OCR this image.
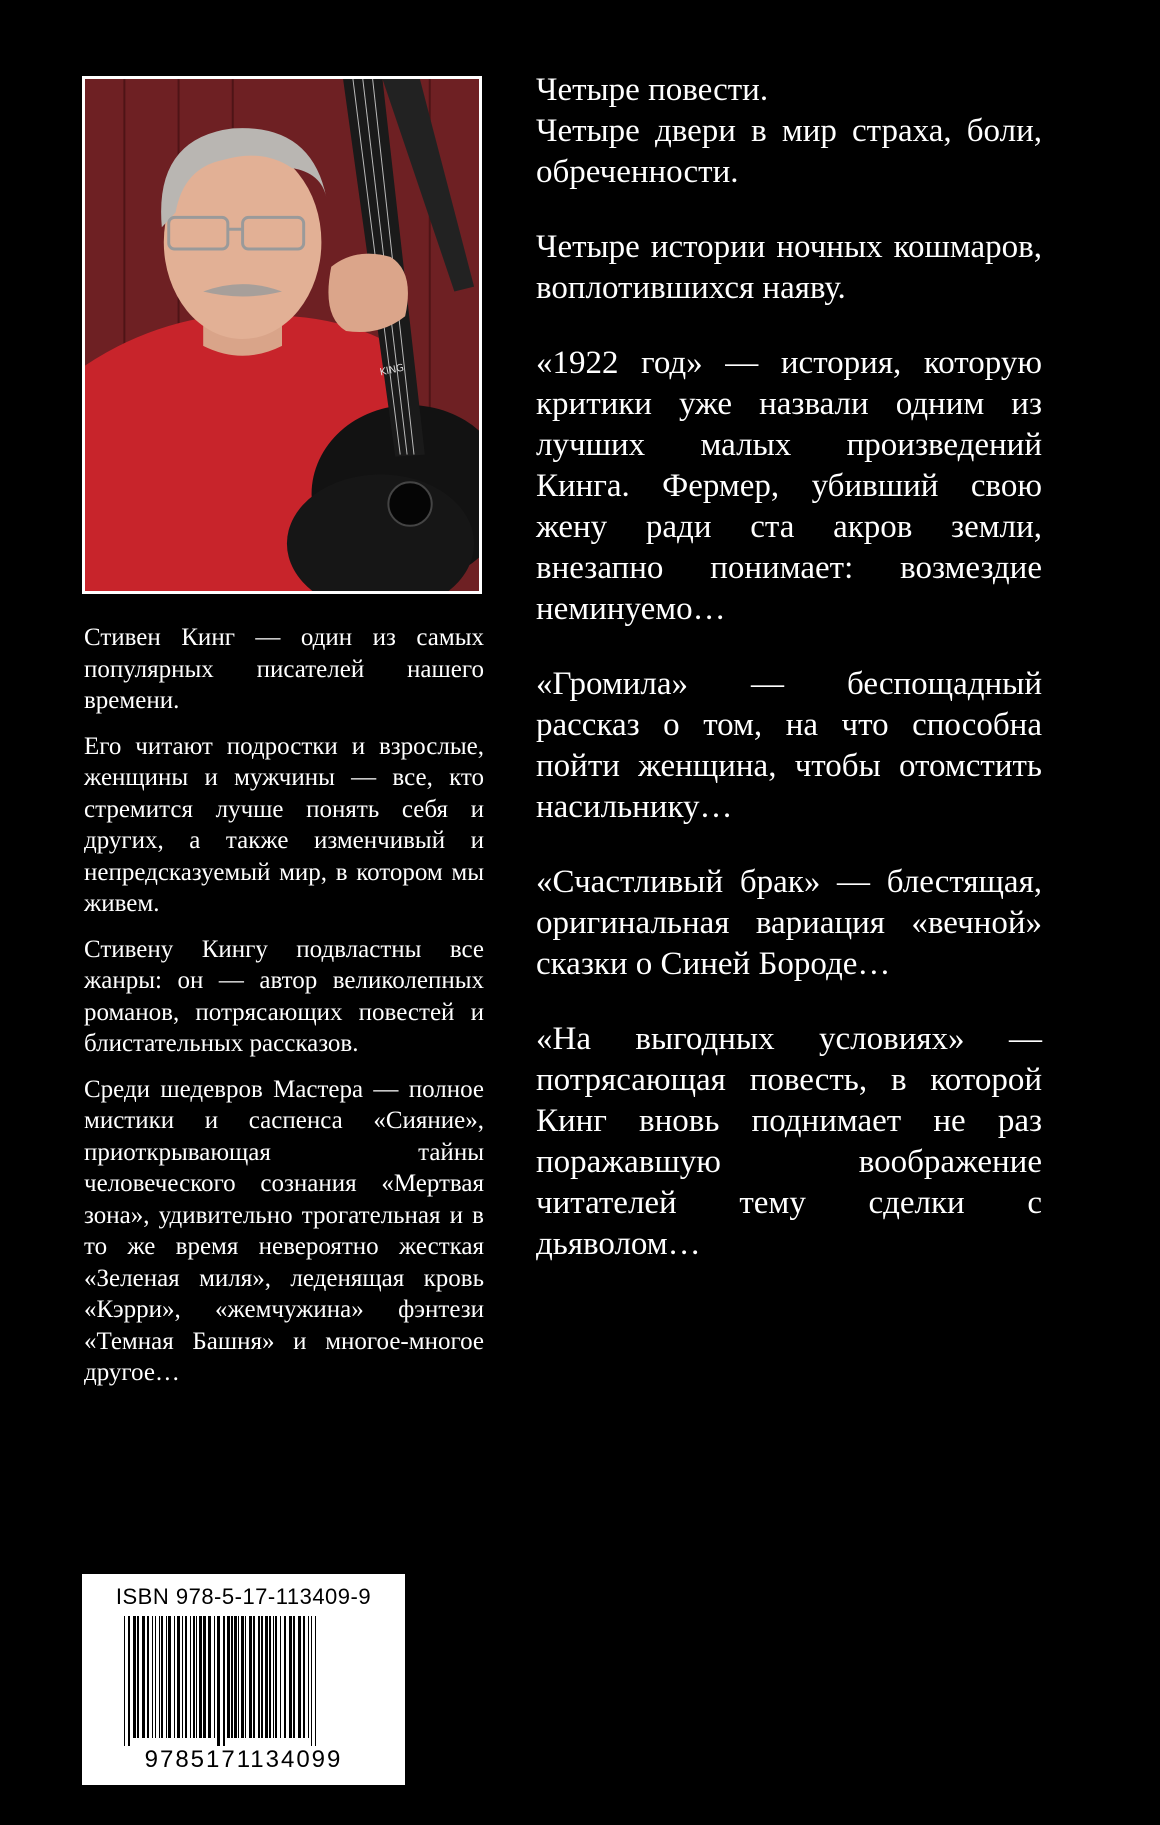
KING

Стивен Кинг — один из самых популярных писателей нашего времени.

Его читают подростки и взрослые, женщины и мужчины — все, кто стремится лучше понять себя и других, а также изменчивый и непредсказуемый мир, в котором мы живем.

Стивену Кингу подвластны все жанры: он — автор великолепных романов, потрясающих повестей и блистательных рассказов.

Среди шедевров Мастера — полное мистики и саспенса «Сияние», приоткрывающая тайны человеческого сознания «Мертвая зона», удивительно трогательная и в то же время невероятно жесткая «Зеленая миля», леденящая кровь «Кэрри», «жемчужина» фэнтези «Темная Башня» и многое-многое другое…

Четыре повести.
Четыре двери в мир страха, боли, обреченности.

Четыре истории ночных кошмаров, воплотившихся наяву.

«1922 год» — история, которую критики уже назвали одним из лучших малых произведений Кинга. Фермер, убивший свою жену ради ста акров земли, внезапно понимает: возмездие неминуемо…

«Громила» — беспощадный рассказ о том, на что способна пойти женщина, чтобы отомстить насильнику…

«Счастливый брак» — блестящая, оригинальная вариация «вечной» сказки о Синей Бороде…

«На выгодных условиях» — потрясающая повесть, в которой Кинг вновь поднимает не раз поражавшую воображение читателей тему сделки с дьяволом…

ISBN 978-5-17-113409-9
9785171134099
